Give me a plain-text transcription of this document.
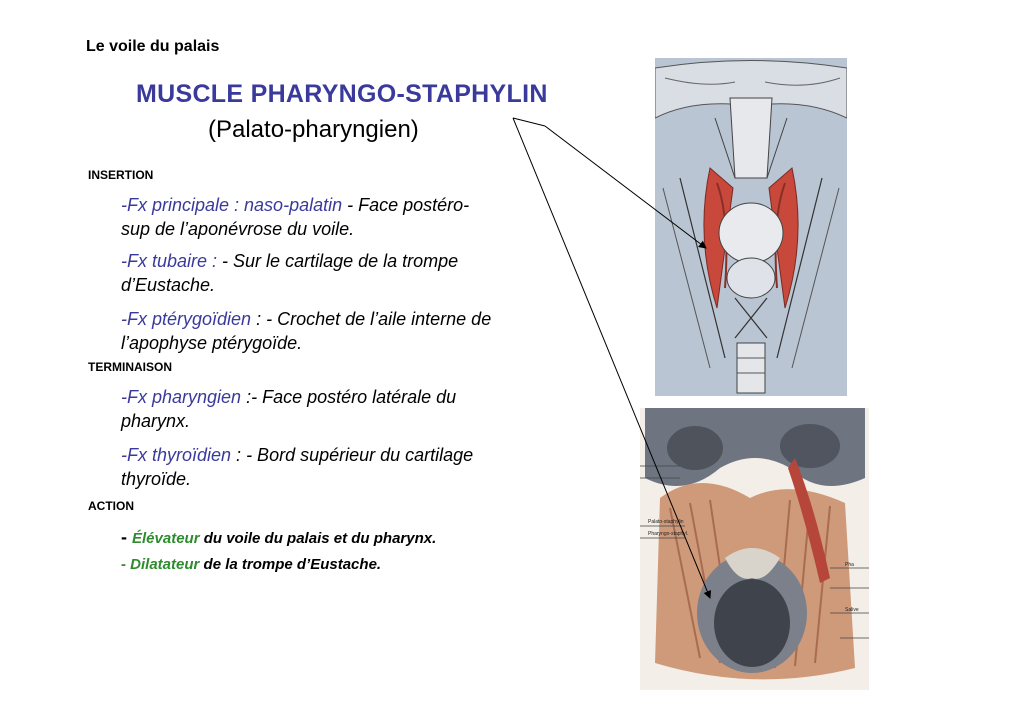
Le voile du palais
MUSCLE PHARYNGO-STAPHYLIN
(Palato-pharyngien)
INSERTION
-Fx principale : naso-palatin - Face postéro-
sup de l’aponévrose du voile.
-Fx tubaire : - Sur le cartilage de la trompe
d’Eustache.
-Fx ptérygoïdien : - Crochet de l’aile interne de
l’apophyse ptérygoïde.
TERMINAISON
-Fx pharyngien :- Face postéro latérale du
pharynx.
-Fx thyroïdien : - Bord supérieur du cartilage
thyroïde.
ACTION
- Élévateur du voile du palais et du pharynx.
- Dilatateur de la trompe d’Eustache.
Palato-staphylin
Pharyngo-staphyl.
Salive
Pha
